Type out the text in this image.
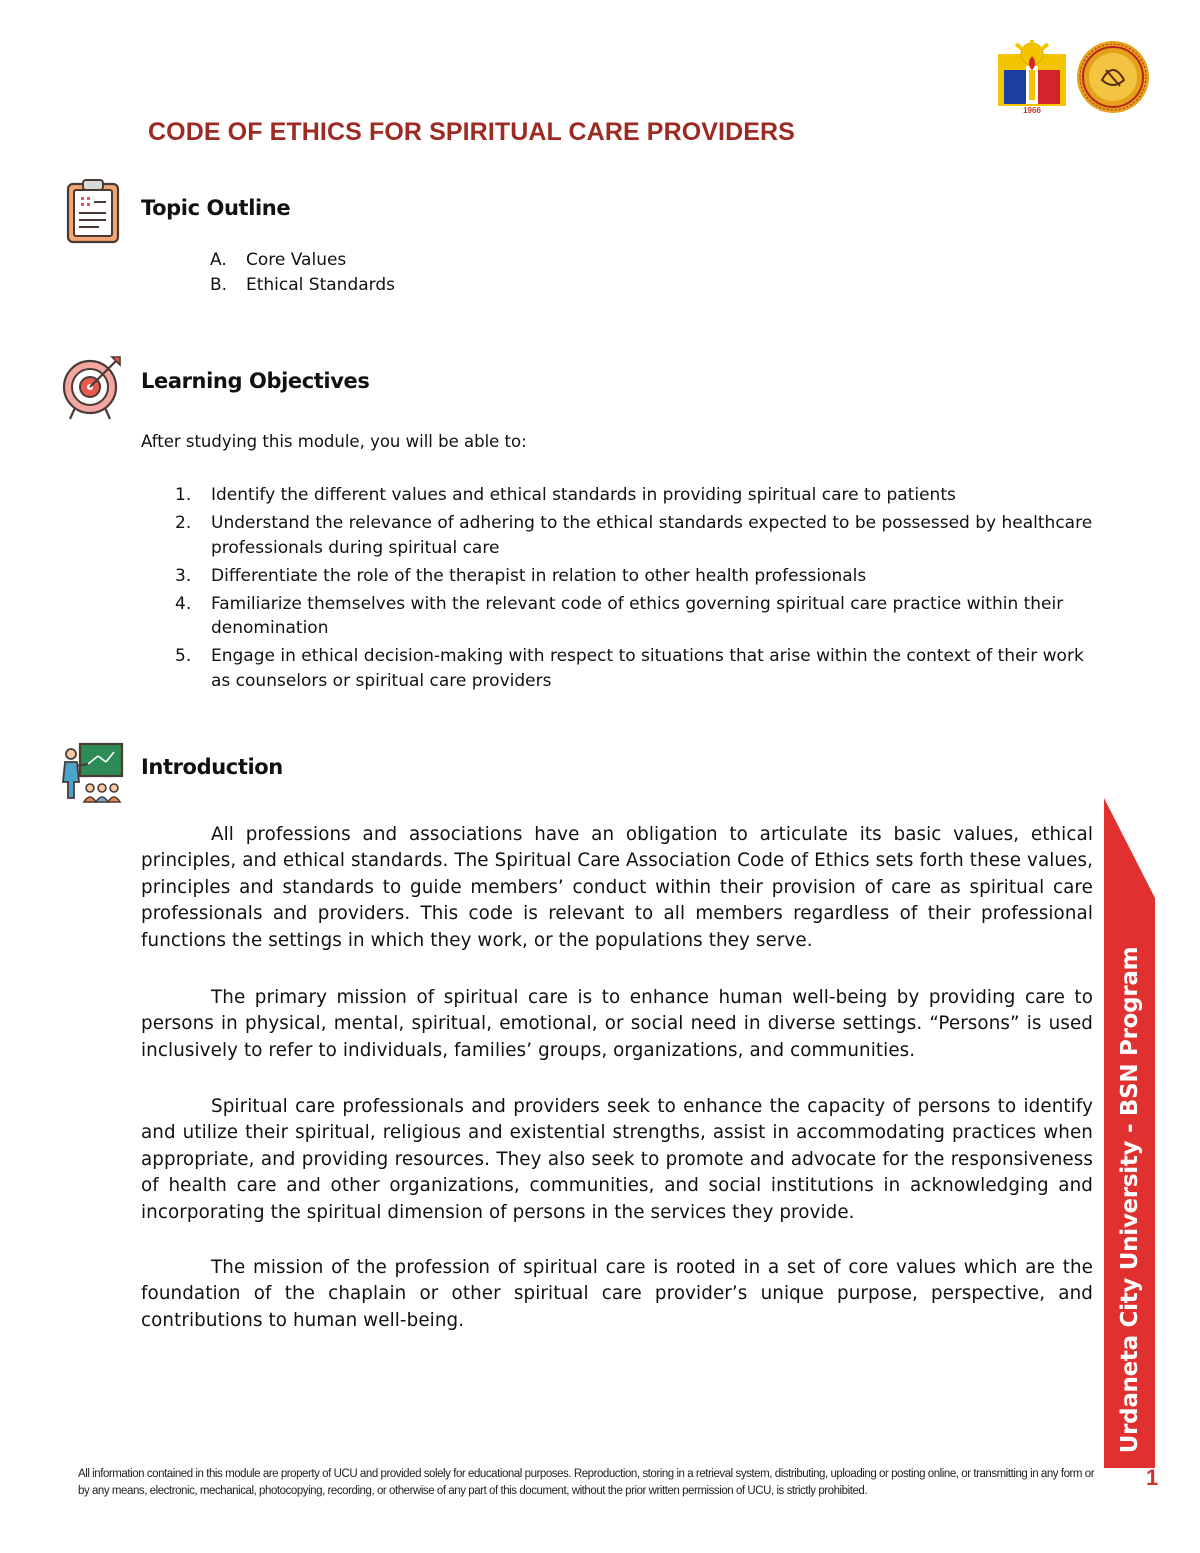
1966
CODE OF ETHICS FOR SPIRITUAL CARE PROVIDERS
Topic Outline
A.	Core Values
B.	Ethical Standards
Learning Objectives
After studying this module, you will be able to:
1. Identify the different values and ethical standards in providing spiritual care to patients
2. Understand the relevance of adhering to the ethical standards expected to be possessed by healthcare professionals during spiritual care
3. Differentiate the role of the therapist in relation to other health professionals
4. Familiarize themselves with the relevant code of ethics governing spiritual care practice within their denomination
5. Engage in ethical decision-making with respect to situations that arise within the context of their work as counselors or spiritual care providers
Introduction

All professions and associations have an obligation to articulate its basic values, ethical principles, and ethical standards. The Spiritual Care Association Code of Ethics sets forth these values, principles and standards to guide members’ conduct within their provision of care as spiritual care professionals and providers. This code is relevant to all members regardless of their professional functions the settings in which they work, or the populations they serve.

The primary mission of spiritual care is to enhance human well-being by providing care to persons in physical, mental, spiritual, emotional, or social need in diverse settings. “Persons” is used inclusively to refer to individuals, families’ groups, organizations, and communities.

Spiritual care professionals and providers seek to enhance the capacity of persons to identify and utilize their spiritual, religious and existential strengths, assist in accommodating practices when appropriate, and providing resources. They also seek to promote and advocate for the responsiveness of health care and other organizations, communities, and social institutions in acknowledging and incorporating the spiritual dimension of persons in the services they provide.

The mission of the profession of spiritual care is rooted in a set of core values which are the foundation of the chaplain or other spiritual care provider’s unique purpose, perspective, and contributions to human well-being.	Urdaneta City University - BSN Program
All information contained in this module are property of UCU and provided solely for educational purposes. Reproduction, storing in a retrieval system, distributing, uploading or posting online, or transmitting in any form or by any means, electronic, mechanical, photocopying, recording, or otherwise of any part of this document, without the prior written permission of UCU, is strictly prohibited.
1
